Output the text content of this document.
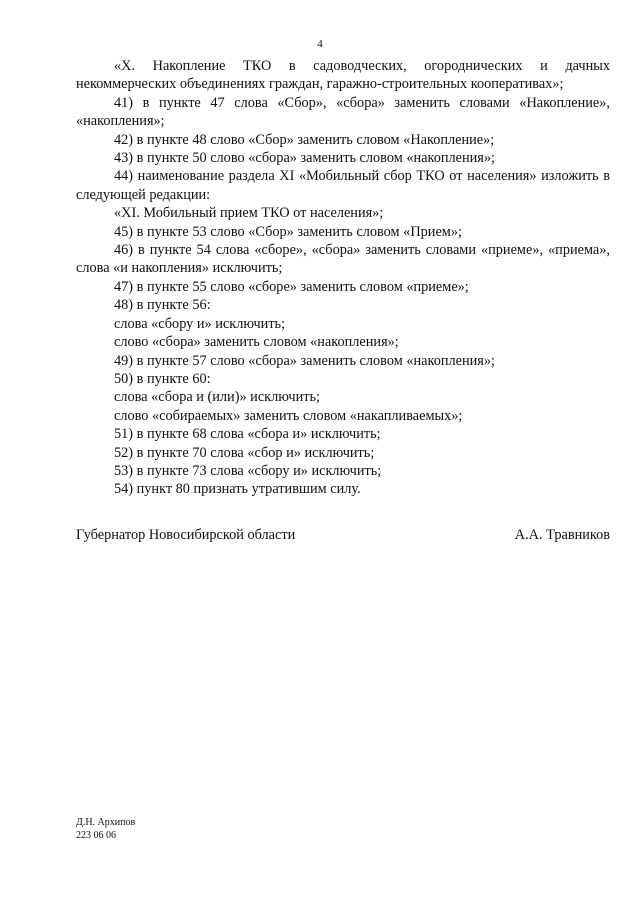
4

«X. Накопление ТКО в садоводческих, огороднических и дачных некоммерческих объединениях граждан, гаражно-строительных кооперативах»;

41) в пункте 47 слова «Сбор», «сбора» заменить словами «Накопление», «накопления»;

42) в пункте 48 слово «Сбор» заменить словом «Накопление»;

43) в пункте 50 слово «сбора» заменить словом «накопления»;

44) наименование раздела XI «Мобильный сбор ТКО от населения» изложить в следующей редакции:

«XI. Мобильный прием ТКО от населения»;

45) в пункте 53 слово «Сбор» заменить словом «Прием»;

46) в пункте 54 слова «сборе», «сбора» заменить словами «приеме», «приема», слова «и накопления» исключить;

47) в пункте 55 слово «сборе» заменить словом «приеме»;

48) в пункте 56:

слова «сбору и» исключить;

слово «сбора» заменить словом «накопления»;

49) в пункте 57 слово «сбора» заменить словом «накопления»;

50) в пункте 60:

слова «сбора и (или)» исключить;

слово «собираемых» заменить словом «накапливаемых»;

51) в пункте 68 слова «сбора и» исключить;

52) в пункте 70 слова «сбор и» исключить;

53) в пункте 73 слова «сбору и» исключить;

54) пункт 80 признать утратившим силу.

Губернатор Новосибирской области	А.А. Травников
Д.Н. Архипов
223 06 06
